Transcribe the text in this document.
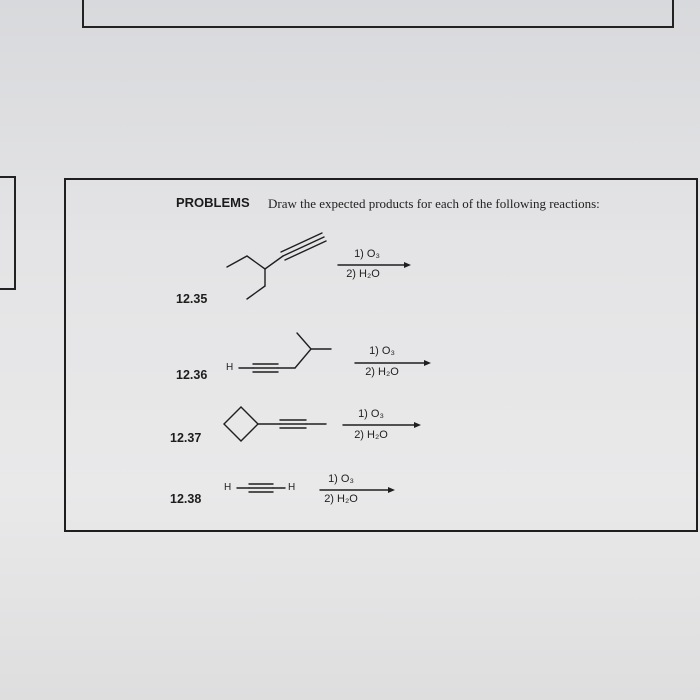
PROBLEMS Draw the expected products for each of the following reactions:
12.35
12.36
12.37
12.38
H
H	H
1) O₃
2) H₂O
1) O₃
2) H₂O
1) O₃
2) H₂O
1) O₃
2) H₂O
